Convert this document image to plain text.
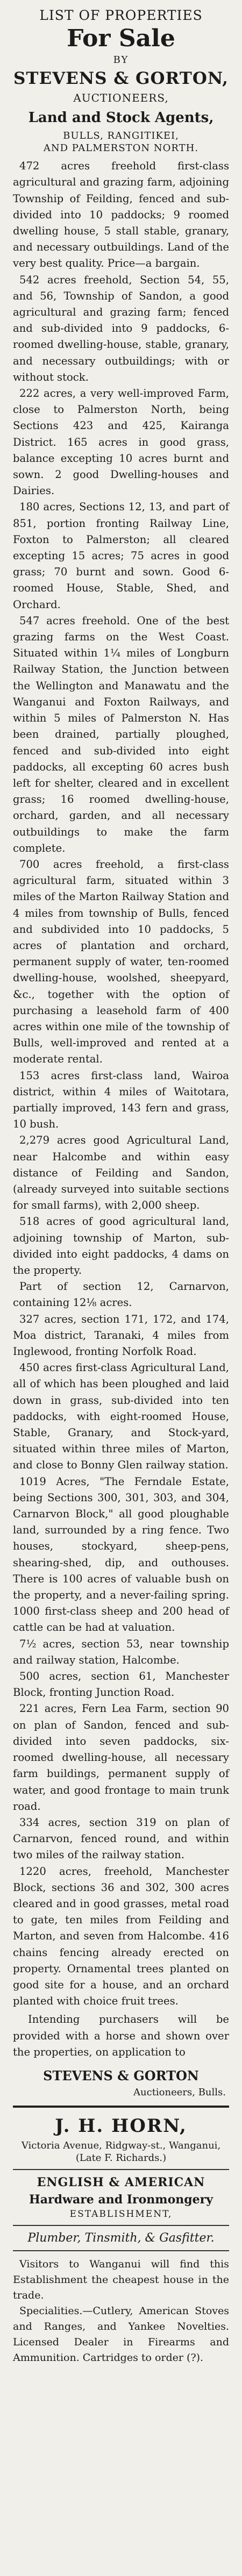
LIST OF PROPERTIES

For Sale

BY

STEVENS & GORTON,

AUCTIONEERS,

Land and Stock Agents,

BULLS, RANGITIKEI,

AND PALMERSTON NORTH.

472 acres freehold first-class agricultural and grazing farm, adjoining Township of Feilding, fenced and sub-divided into 10 paddocks; 9 roomed dwelling house, 5 stall stable, granary, and necessary outbuildings. Land of the very best quality. Price—a bargain.

542 acres freehold, Section 54, 55, and 56, Township of Sandon, a good agricultural and grazing farm; fenced and sub-divided into 9 paddocks, 6-roomed dwelling-house, stable, granary, and necessary outbuildings; with or without stock.

222 acres, a very well-improved Farm, close to Palmerston North, being Sections 423 and 425, Kairanga District. 165 acres in good grass, balance excepting 10 acres burnt and sown. 2 good Dwelling-houses and Dairies.

180 acres, Sections 12, 13, and part of 851, portion fronting Railway Line, Foxton to Palmerston; all cleared excepting 15 acres; 75 acres in good grass; 70 burnt and sown. Good 6-roomed House, Stable, Shed, and Orchard.

547 acres freehold. One of the best grazing farms on the West Coast. Situated within 1¼ miles of Longburn Railway Station, the Junction between the Wellington and Manawatu and the Wanganui and Foxton Railways, and within 5 miles of Palmerston N. Has been drained, partially ploughed, fenced and sub-divided into eight paddocks, all excepting 60 acres bush left for shelter, cleared and in excellent grass; 16 roomed dwelling-house, orchard, garden, and all necessary outbuildings to make the farm complete.

700 acres freehold, a first-class agricultural farm, situated within 3 miles of the Marton Railway Station and 4 miles from township of Bulls, fenced and subdivided into 10 paddocks, 5 acres of plantation and orchard, permanent supply of water, ten-roomed dwelling-house, woolshed, sheepyard, &c., together with the option of purchasing a leasehold farm of 400 acres within one mile of the township of Bulls, well-improved and rented at a moderate rental.

153 acres first-class land, Wairoa district, within 4 miles of Waitotara, partially improved, 143 fern and grass, 10 bush.

2,279 acres good Agricultural Land, near Halcombe and within easy distance of Feilding and Sandon, (already surveyed into suitable sections for small farms), with 2,000 sheep.

518 acres of good agricultural land, adjoining township of Marton, sub-divided into eight paddocks, 4 dams on the property.

Part of section 12, Carnarvon, containing 12⅛ acres.

327 acres, section 171, 172, and 174, Moa district, Taranaki, 4 miles from Inglewood, fronting Norfolk Road.

450 acres first-class Agricultural Land, all of which has been ploughed and laid down in grass, sub-divided into ten paddocks, with eight-roomed House, Stable, Granary, and Stock-yard, situated within three miles of Marton, and close to Bonny Glen railway station.

1019 Acres, "The Ferndale Estate, being Sections 300, 301, 303, and 304, Carnarvon Block," all good ploughable land, surrounded by a ring fence. Two houses, stockyard, sheep-pens, shearing-shed, dip, and outhouses. There is 100 acres of valuable bush on the property, and a never-failing spring. 1000 first-class sheep and 200 head of cattle can be had at valuation.

7½ acres, section 53, near township and railway station, Halcombe.

500 acres, section 61, Manchester Block, fronting Junction Road.

221 acres, Fern Lea Farm, section 90 on plan of Sandon, fenced and sub-divided into seven paddocks, six-roomed dwelling-house, all necessary farm buildings, permanent supply of water, and good frontage to main trunk road.

334 acres, section 319 on plan of Carnarvon, fenced round, and within two miles of the railway station.

1220 acres, freehold, Manchester Block, sections 36 and 302, 300 acres cleared and in good grasses, metal road to gate, ten miles from Feilding and Marton, and seven from Halcombe. 416 chains fencing already erected on property. Ornamental trees planted on good site for a house, and an orchard planted with choice fruit trees.

Intending purchasers will be provided with a horse and shown over the properties, on application to

STEVENS & GORTON

Auctioneers, Bulls.

J. H. HORN,

Victoria Avenue, Ridgway-st., Wanganui,

(Late F. Richards.)

ENGLISH & AMERICAN

Hardware and Ironmongery

ESTABLISHMENT,

Plumber, Tinsmith, & Gasfitter.

Visitors to Wanganui will find this Establishment the cheapest house in the trade.

Specialities.—Cutlery, American Stoves and Ranges, and Yankee Novelties. Licensed Dealer in Firearms and Ammunition. Cartridges to order (?).
